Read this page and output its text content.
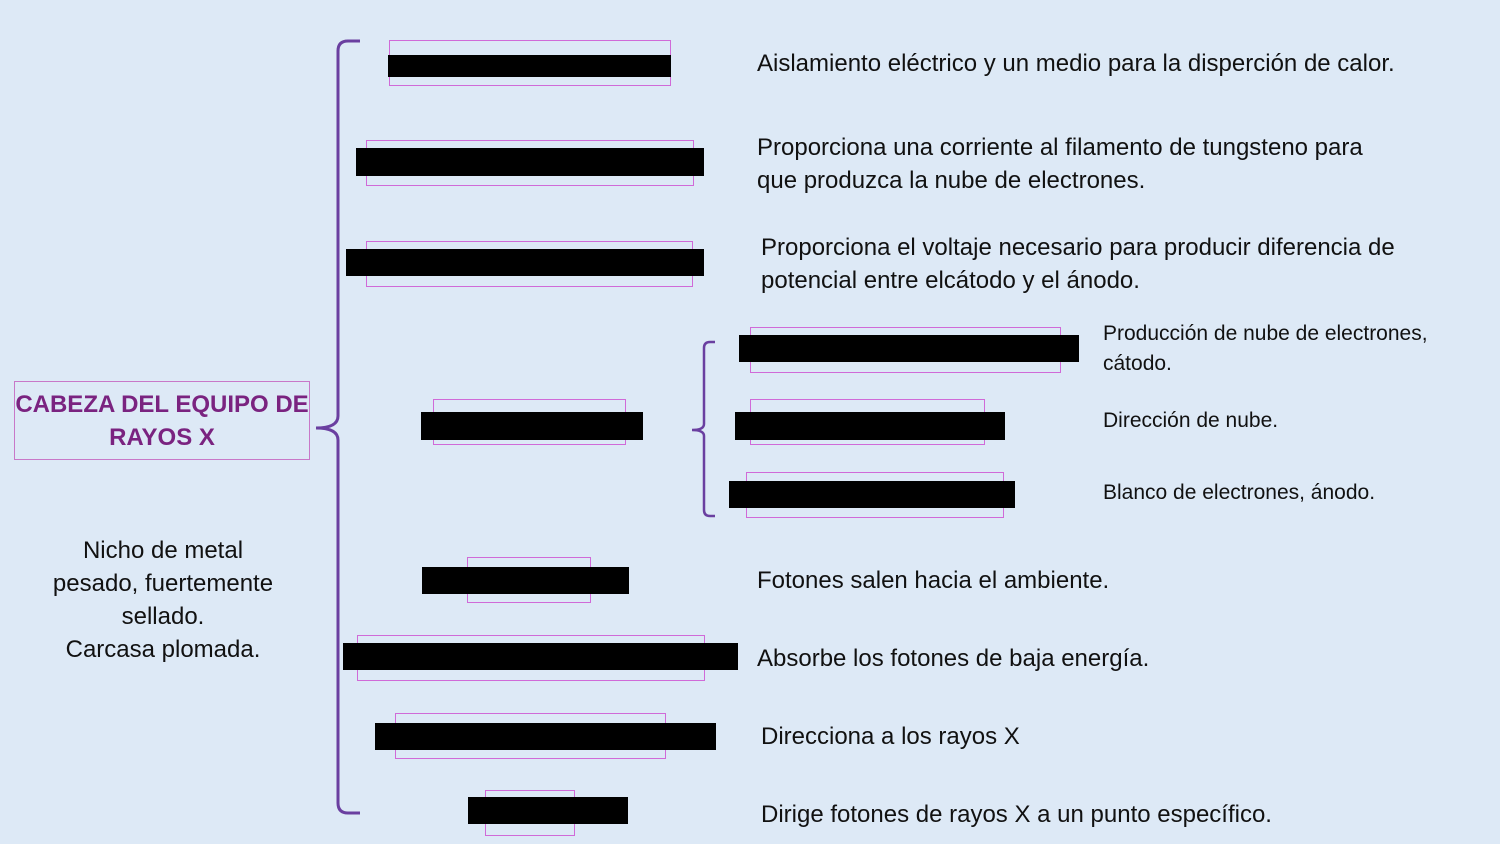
CABEZA DEL EQUIPO DE RAYOS X
Nicho de metal
pesado, fuertemente
sellado.
Carcasa plomada.
Aislamiento eléctrico y un medio para la disperción de calor.
Proporciona una corriente al filamento de tungsteno para
que produzca la nube de electrones.
Proporciona el voltaje necesario para producir diferencia de
potencial entre elcátodo y el ánodo.
Producción de nube de electrones,
cátodo.
Dirección de nube.
Blanco de electrones, ánodo.
Fotones salen hacia el ambiente.
Absorbe los fotones de baja energía.
Direcciona a los rayos X
Dirige fotones de rayos X a un punto específico.
